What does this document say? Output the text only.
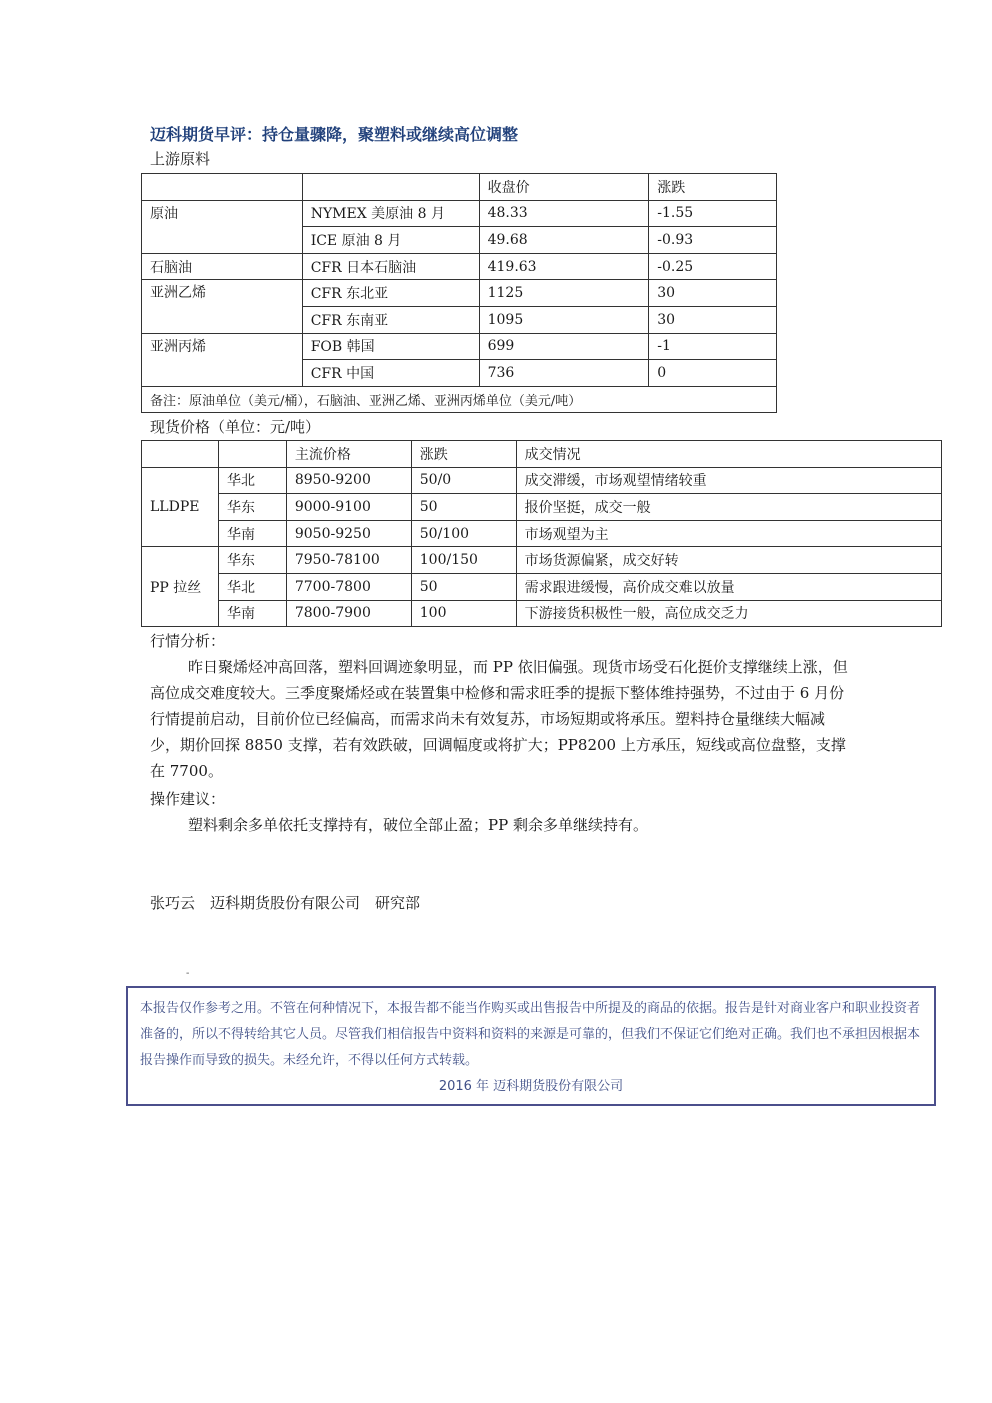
迈科期货早评：持仓量骤降，聚塑料或继续高位调整
上游原料
		收盘价	涨跌
原油	NYMEX 美原油 8 月	48.33	-1.55
	ICE 原油 8 月	49.68	-0.93
石脑油	CFR 日本石脑油	419.63	-0.25
亚洲乙烯	CFR 东北亚	1125	30
	CFR 东南亚	1095	30
亚洲丙烯	FOB 韩国	699	-1
	CFR 中国	736	0
备注：原油单位（美元/桶），石脑油、亚洲乙烯、亚洲丙烯单位（美元/吨）			
现货价格（单位：元/吨）
		主流价格	涨跌	成交情况
LLDPE	华北	8950-9200	50/0	成交滞缓，市场观望情绪较重
	华东	9000-9100	50	报价坚挺，成交一般
	华南	9050-9250	50/100	市场观望为主
PP 拉丝	华东	7950-78100	100/150	市场货源偏紧，成交好转
	华北	7700-7800	50	需求跟进缓慢，高价成交难以放量
	华南	7800-7900	100	下游接货积极性一般，高位成交乏力
行情分析：
昨日聚烯烃冲高回落，塑料回调迹象明显，而 PP 依旧偏强。现货市场受石化挺价支撑继续上涨，但高位成交难度较大。三季度聚烯烃或在装置集中检修和需求旺季的提振下整体维持强势，不过由于 6 月份行情提前启动，目前价位已经偏高，而需求尚未有效复苏，市场短期或将承压。塑料持仓量继续大幅减少，期价回探 8850 支撑，若有效跌破，回调幅度或将扩大；PP8200 上方承压，短线或高位盘整，支撑在 7700。
操作建议：
塑料剩余多单依托支撑持有，破位全部止盈；PP 剩余多单继续持有。
张巧云　迈科期货股份有限公司　研究部
-
本报告仅作参考之用。不管在何种情况下，本报告都不能当作购买或出售报告中所提及的商品的依据。报告是针对商业客户和职业投资者准备的，所以不得转给其它人员。尽管我们相信报告中资料和资料的来源是可靠的，但我们不保证它们绝对正确。我们也不承担因根据本报告操作而导致的损失。未经允许，不得以任何方式转载。
2016 年 迈科期货股份有限公司
